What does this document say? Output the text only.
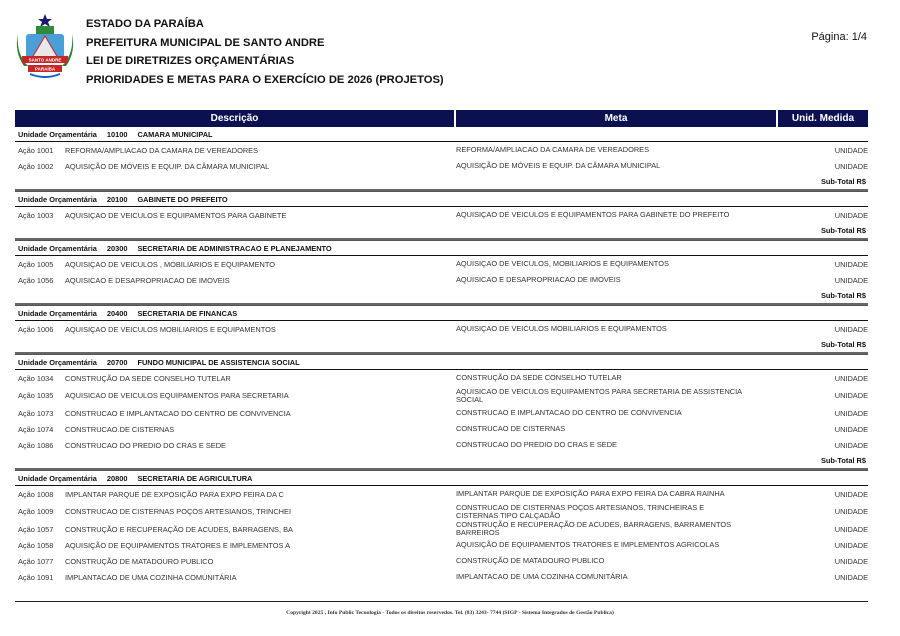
SANTO ANDRE
PARAÍBA
ESTADO DA PARAÍBA
PREFEITURA MUNICIPAL DE SANTO ANDRE
LEI DE DIRETRIZES ORÇAMENTÁRIAS
PRIORIDADES E METAS PARA O EXERCÍCIO DE 2026 (PROJETOS)
Página: 1/4
Descrição	Meta	Unid. Medida
Unidade Orçamentária 10100 CAMARA MUNICIPAL
Ação 1001 REFORMA/AMPLIACAO DA CAMARA DE VEREADORES	REFORMA/AMPLIACAO DA CAMARA DE VEREADORES	UNIDADE
Ação 1002 AQUISIÇÃO DE MÓVEIS E EQUIP. DA CÂMARA MUNICIPAL	AQUISIÇÃO DE MÓVEIS E EQUIP. DA CÂMARA MUNICIPAL	UNIDADE
Sub-Total R$
Unidade Orçamentária 20100 GABINETE DO PREFEITO
Ação 1003 AQUISIÇAO DE VEICULOS E EQUIPAMENTOS PARA GABINETE	AQUISIÇAO DE VEICULOS E EQUIPAMENTOS PARA GABINETE DO PREFEITO	UNIDADE
Sub-Total R$
Unidade Orçamentária 20300 SECRETARIA DE ADMINISTRACAO E PLANEJAMENTO
Ação 1005 AQUISIÇAO DE VEICULOS , MOBILIARIOS E EQUIPAMENTO	AQUISIÇAO DE VEICULOS, MOBILIARIOS E EQUIPAMENTOS	UNIDADE
Ação 1056 AQUISICAO E DESAPROPRIACAO DE IMOVEIS	AQUISICAO E DESAPROPRIACAO DE IMOVEIS	UNIDADE
Sub-Total R$
Unidade Orçamentária 20400 SECRETARIA DE FINANCAS
Ação 1006 AQUISIÇAO DE VEICULOS MOBILIARIOS E EQUIPAMENTOS	AQUISIÇAO DE VEICULOS MOBILIARIOS E EQUIPAMENTOS	UNIDADE
Sub-Total R$
Unidade Orçamentária 20700 FUNDO MUNICIPAL DE ASSISTENCIA SOCIAL
Ação 1034 CONSTRUÇÃO DA SEDE CONSELHO TUTELAR	CONSTRUÇÃO DA SEDE CONSELHO TUTELAR	UNIDADE
Ação 1035 AQUISICAO DE VEICULOS EQUIPAMENTOS PARA SECRETARIA	AQUISICAO DE VEICULOS EQUIPAMENTOS PARA SECRETARIA DE ASSISTENCIA SOCIAL	UNIDADE
Ação 1073 CONSTRUCAO E IMPLANTACAO DO CENTRO DE CONVIVENCIA	CONSTRUCAO E IMPLANTACAO DO CENTRO DE CONVIVENCIA	UNIDADE
Ação 1074 CONSTRUCAO.DE CISTERNAS	CONSTRUCAO DE CISTERNAS	UNIDADE
Ação 1086 CONSTRUCAO DO PREDIO DO CRAS E SEDE	CONSTRUCAO DO PREDIO DO CRAS E SEDE	UNIDADE
Sub-Total R$
Unidade Orçamentária 20800 SECRETARIA DE AGRICULTURA
Ação 1008 IMPLANTAR PARQUE DE EXPOSIÇÃO PARA EXPO FEIRA DA C	IMPLANTAR PARQUE DE EXPOSIÇÃO PARA EXPO FEIRA DA CABRA RAINHA	UNIDADE
Ação 1009 CONSTRUCAO DE CISTERNAS POÇOS ARTESIANOS, TRINCHEI	CONSTRUCAO DE CISTERNAS POÇOS ARTESIANOS, TRINCHEIRAS E CISTERNAS TIPO CALÇADÃO	UNIDADE
Ação 1057 CONSTRUÇÃO E RECUPERAÇÃO DE ACUDES, BARRAGENS, BA	CONSTRUÇÃO E RECUPERAÇÃO DE ACUDES, BARRAGENS, BARRAMENTOS BARREIROS	UNIDADE
Ação 1058 AQUISIÇÃO DE EQUIPAMENTOS TRATORES E IMPLEMENTOS A	AQUISIÇÃO DE EQUIPAMENTOS TRATORES E IMPLEMENTOS AGRICOLAS	UNIDADE
Ação 1077 CONSTRUÇÃO DE MATADOURO PUBLICO	CONSTRUÇÃO DE MATADOURO PUBLICO	UNIDADE
Ação 1091 IMPLANTACAO DE UMA COZINHA COMUNITÁRIA	IMPLANTACAO DE UMA COZINHA COMUNITÁRIA	UNIDADE
Copyright 2025 , Info Public Tecnologia - Todos os direitos reservedos. Tel. (83) 3243- 7744 (SIGP - Sistema Integrados de Gestão Publica)
